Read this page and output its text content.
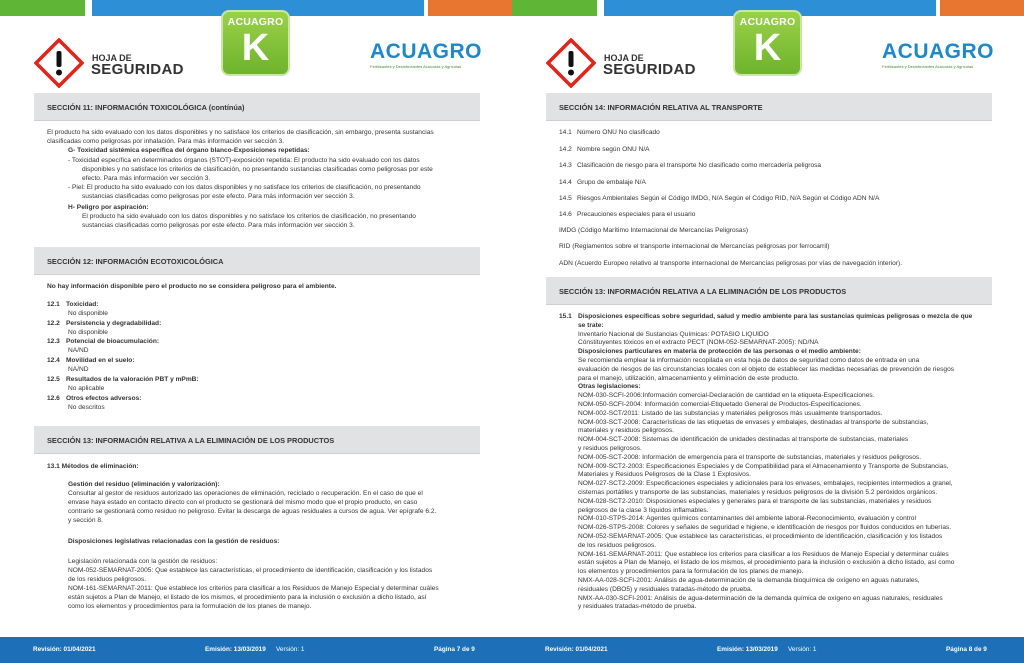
HOJA DE
SEGURIDAD
ACUAGRO
K	ACUAGRO
Fertilizantes y Desinfectantes Acuícolas y Agrícolas
SECCIÓN 11: INFORMACIÓN TOXICOLÓGICA (contínúa)
El producto ha sido evaluado con los datos disponibles y no satisface los criterios de clasificación, sin embargo, presenta sustancias
clasificadas como peligrosas por inhalación. Para más información ver sección 3.
G- Toxicidad sistémica específica del órgano blanco-Exposiciones repetidas:
- Toxicidad específica en determinados órganos (STOT)-exposición repetida: El producto ha sido evaluado con los datos
disponibles y no satisface los criterios de clasificación, no presentando sustancias clasificadas como peligrosas por este
efecto. Para más información ver sección 3.
- Piel: El producto ha sido evaluado con los datos disponibles y no satisface los criterios de clasificación, no presentando
sustancias clasificadas como peligrosas por este efecto. Para más información ver sección 3.
H- Peligro por aspiración:
El producto ha sido evaluado con los datos disponibles y no satisface los criterios de clasificación, no presentando
sustancias clasificadas como peligrosas por este efecto. Para más información ver sección 3.
SECCIÓN 12: INFORMACIÓN ECOTOXICOLÓGICA
No hay información disponible pero el producto no se considera peligroso para el ambiente.
12.1 Toxicidad:
No disponible
12.2 Persistencia y degradabilidad:
No disponible
12.3 Potencial de bioacumulación:
NA/ND
12.4 Movilidad en el suelo:
NA/ND
12.5 Resultados de la valoración PBT y mPmB:
No aplicable
12.6 Otros efectos adversos:
No descritos
SECCIÓN 13: INFORMACIÓN RELATIVA A LA ELIMINACIÓN DE LOS PRODUCTOS
13.1 Métodos de eliminación:
Gestión del residuo (eliminación y valorización):
Consultar al gestor de residuos autorizado las operaciones de eliminación, reciclado o recuperación. En el caso de que el
envase haya estado en contacto directo con el producto se gestionará del mismo modo que el propio producto, en caso
contrario se gestionará como residuo no peligroso. Evitar la descarga de aguas residuales a cursos de agua. Ver epígrafe 6.2.
y sección 8.
Disposiciones legislativas relacionadas con la gestión de residuos:
Legislación relacionada con la gestión de residuos:
NOM-052-SEMARNAT-2005: Que establece las características, el procedimiento de identificación, clasificación y los listados
de los residuos peligrosos.
NOM-161-SEMARNAT-2011: Que establece los criterios para clasificar a los Residuos de Manejo Especial y determinar cuáles
están sujetos a Plan de Manejo, el listado de los mismos, el procedimiento para la inclusión o exclusión a dicho listado, así
como los elementos y procedimientos para la formulación de los planes de manejo.
Revisión: 01/04/2021	Emisión: 13/03/2019 Versión: 1	Página 7 de 9
HOJA DE
SEGURIDAD
ACUAGRO
K	ACUAGRO
Fertilizantes y Desinfectantes Acuícolas y Agrícolas
SECCIÓN 14: INFORMACIÓN RELATIVA AL TRANSPORTE
14.1 Número ONU No clasificado
14.2 Nombre según ONU N/A
14.3 Clasificación de riesgo para el transporte No clasificado como mercadería peligrosa
14.4 Grupo de embalaje N/A
14.5 Riesgos Ambientales Según el Código IMDG, N/A Según el Código RID, N/A Según el Código ADN N/A
14.6 Precauciones especiales para el usuario
IMDG (Código Marítimo Internacional de Mercancías Peligrosas)
RID (Reglamentos sobre el transporte internacional de Mercancías peligrosas por ferrocarril)
ADN (Acuerdo Europeo relativo al transporte internacional de Mercancías peligrosas por vías de navegación interior).
SECCIÓN 13: INFORMACIÓN RELATIVA A LA ELIMINACIÓN DE LOS PRODUCTOS
15.1 Disposiciones específicas sobre seguridad, salud y medio ambiente para las sustancias químicas peligrosas o mezcla de que
se trate:
Inventario Nacional de Sustancias Químicas: POTASIO LIQUIDO
Cónstituyentes tóxicos en el extracto PECT (NOM-052-SEMARNAT-2005): ND/NA
Disposiciones particulares en materia de protección de las personas o el medio ambiente:
Se recomienda emplear la información recopilada en esta hoja de datos de seguridad como datos de entrada en una
evaluación de riesgos de las circunstancias locales con el objeto de establecer las medidas necesarias de prevención de riesgos
para el manejo, utilización, almacenamiento y eliminación de este producto.
Otras legislaciones:
NOM-030-SCFI-2006:Información comercial-Declaración de cantidad en la etiqueta-Especificaciones.
NOM-050-SCFI-2004: Información comercial-Etiquetado General de Productos-Especificaciones.
NOM-002-SCT/2011: Listado de las substancias y materiales peligrosos más usualmente transportados.
NOM-003-SCT-2008: Características de las etiquetas de envases y embalajes, destinadas al transporte de substancias,
materiales y residuos peligrosos.
NOM-004-SCT-2008: Sistemas de identificación de unidades destinadas al transporte de substancias, materiales
y residuos peligrosos.
NOM-005-SCT-2008: Información de emergencia para el transporte de substancias, materiales y residuos peligrosos.
NOM-009-SCT2-2003: Especificaciones Especiales y de Compatibilidad para el Almacenamiento y Transporte de Substancias,
Materiales y Residuos Peligrosos de la Clase 1 Explosivos.
NOM-027-SCT2-2009: Especificaciones especiales y adicionales para los envases, embalajes, recipientes intermedios a granel,
cisternas portátiles y transporte de las substancias, materiales y residuos peligrosos de la división 5.2 peróxidos orgánicos.
NOM-028-SCT2-2010: Disposiciones especiales y generales para el transporte de las substancias, materiales y residuos
peligrosos de la clase 3 líquidos inflamables.
NOM-010-STPS-2014: Agentes químicos contaminantes del ambiente laboral-Reconocimiento, evaluación y control
NOM-026-STPS-2008: Colores y señales de seguridad e higiene, e identificación de riesgos por fluidos conducidos en tuberías.
NOM-052-SEMARNAT-2005: Que establece las características, el procedimiento de identificación, clasificación y los listados
de los residuos peligrosos.
NOM-161-SEMARNAT-2011: Que establece los criterios para clasificar a los Residuos de Manejo Especial y determinar cuáles
están sujetos a Plan de Manejo, el listado de los mismos, el procedimiento para la inclusión o exclusión a dicho listado, así como
los elementos y procedimientos para la formulación de los planes de manejo.
NMX-AA-028-SCFI-2001: Análisis de agua-determinación de la demanda bioquímica de oxígeno en aguas naturales,
residuales (DBO5) y residuales tratadas-método de prueba.
NMX-AA-030-SCFI-2001: Análisis de agua-determinación de la demanda química de oxígeno en aguas naturales, residuales
y residuales tratadas-método de prueba.
Revisión: 01/04/2021	Emisión: 13/03/2019 Versión: 1	Página 8 de 9
